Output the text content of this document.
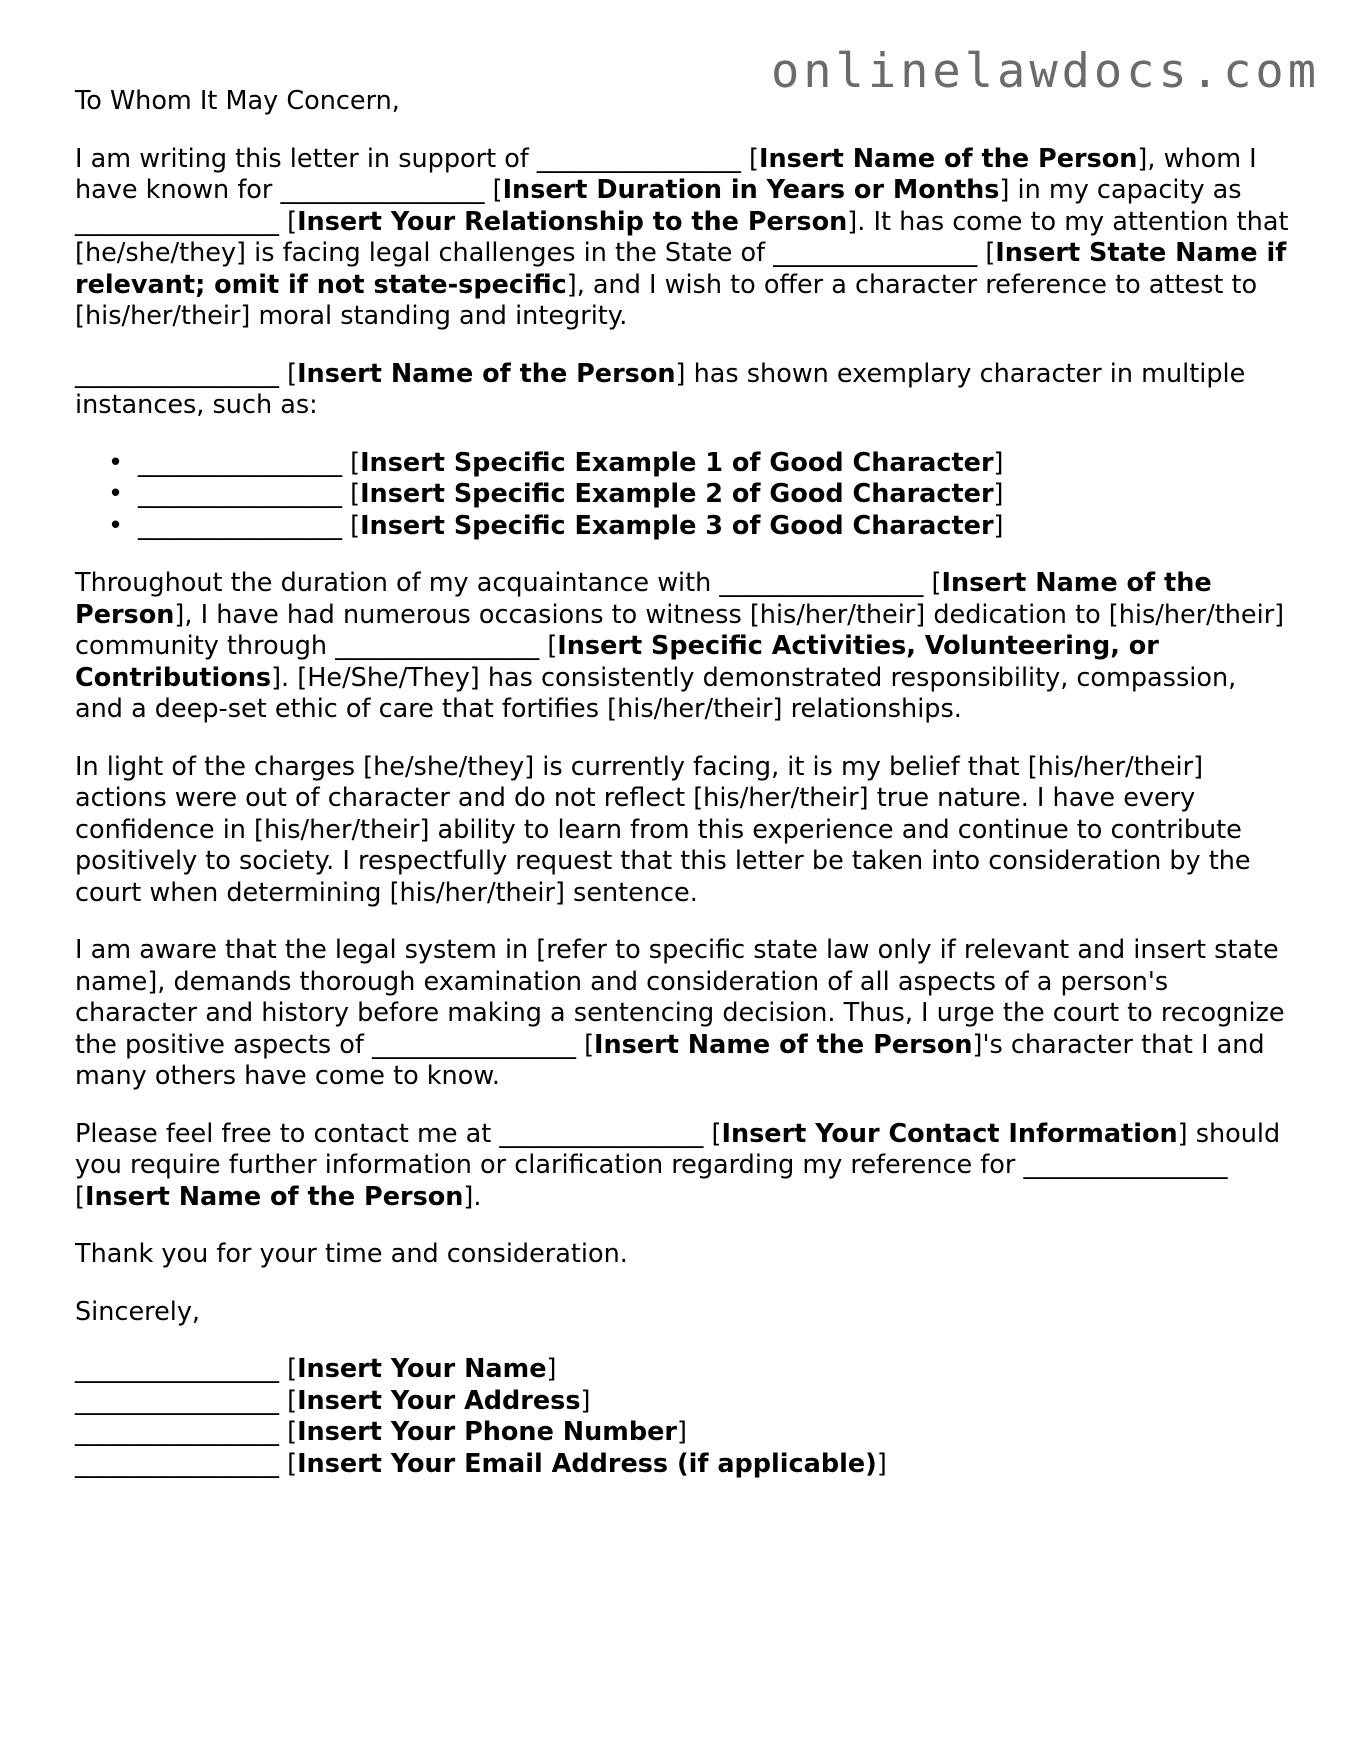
onlinelawdocs.com

To Whom It May Concern,

I am writing this letter in support of ________________ [Insert Name of the Person], whom I have known for ________________ [Insert Duration in Years or Months] in my capacity as ________________ [Insert Your Relationship to the Person]. It has come to my attention that [he/she/they] is facing legal challenges in the State of ________________ [Insert State Name if relevant; omit if not state-specific], and I wish to offer a character reference to attest to [his/her/their] moral standing and integrity.

________________ [Insert Name of the Person] has shown exemplary character in multiple instances, such as:

• ________________ [Insert Specific Example 1 of Good Character]
• ________________ [Insert Specific Example 2 of Good Character]
• ________________ [Insert Specific Example 3 of Good Character]

Throughout the duration of my acquaintance with ________________ [Insert Name of the Person], I have had numerous occasions to witness [his/her/their] dedication to [his/her/their] community through ________________ [Insert Specific Activities, Volunteering, or Contributions]. [He/She/They] has consistently demonstrated responsibility, compassion, and a deep-set ethic of care that fortifies [his/her/their] relationships.

In light of the charges [he/she/they] is currently facing, it is my belief that [his/her/their] actions were out of character and do not reflect [his/her/their] true nature. I have every confidence in [his/her/their] ability to learn from this experience and continue to contribute positively to society. I respectfully request that this letter be taken into consideration by the court when determining [his/her/their] sentence.

I am aware that the legal system in [refer to specific state law only if relevant and insert state name], demands thorough examination and consideration of all aspects of a person's character and history before making a sentencing decision. Thus, I urge the court to recognize the positive aspects of ________________ [Insert Name of the Person]'s character that I and many others have come to know.

Please feel free to contact me at ________________ [Insert Your Contact Information] should you require further information or clarification regarding my reference for ________________ [Insert Name of the Person].

Thank you for your time and consideration.

Sincerely,

________________ [Insert Your Name]
________________ [Insert Your Address]
________________ [Insert Your Phone Number]
________________ [Insert Your Email Address (if applicable)]
